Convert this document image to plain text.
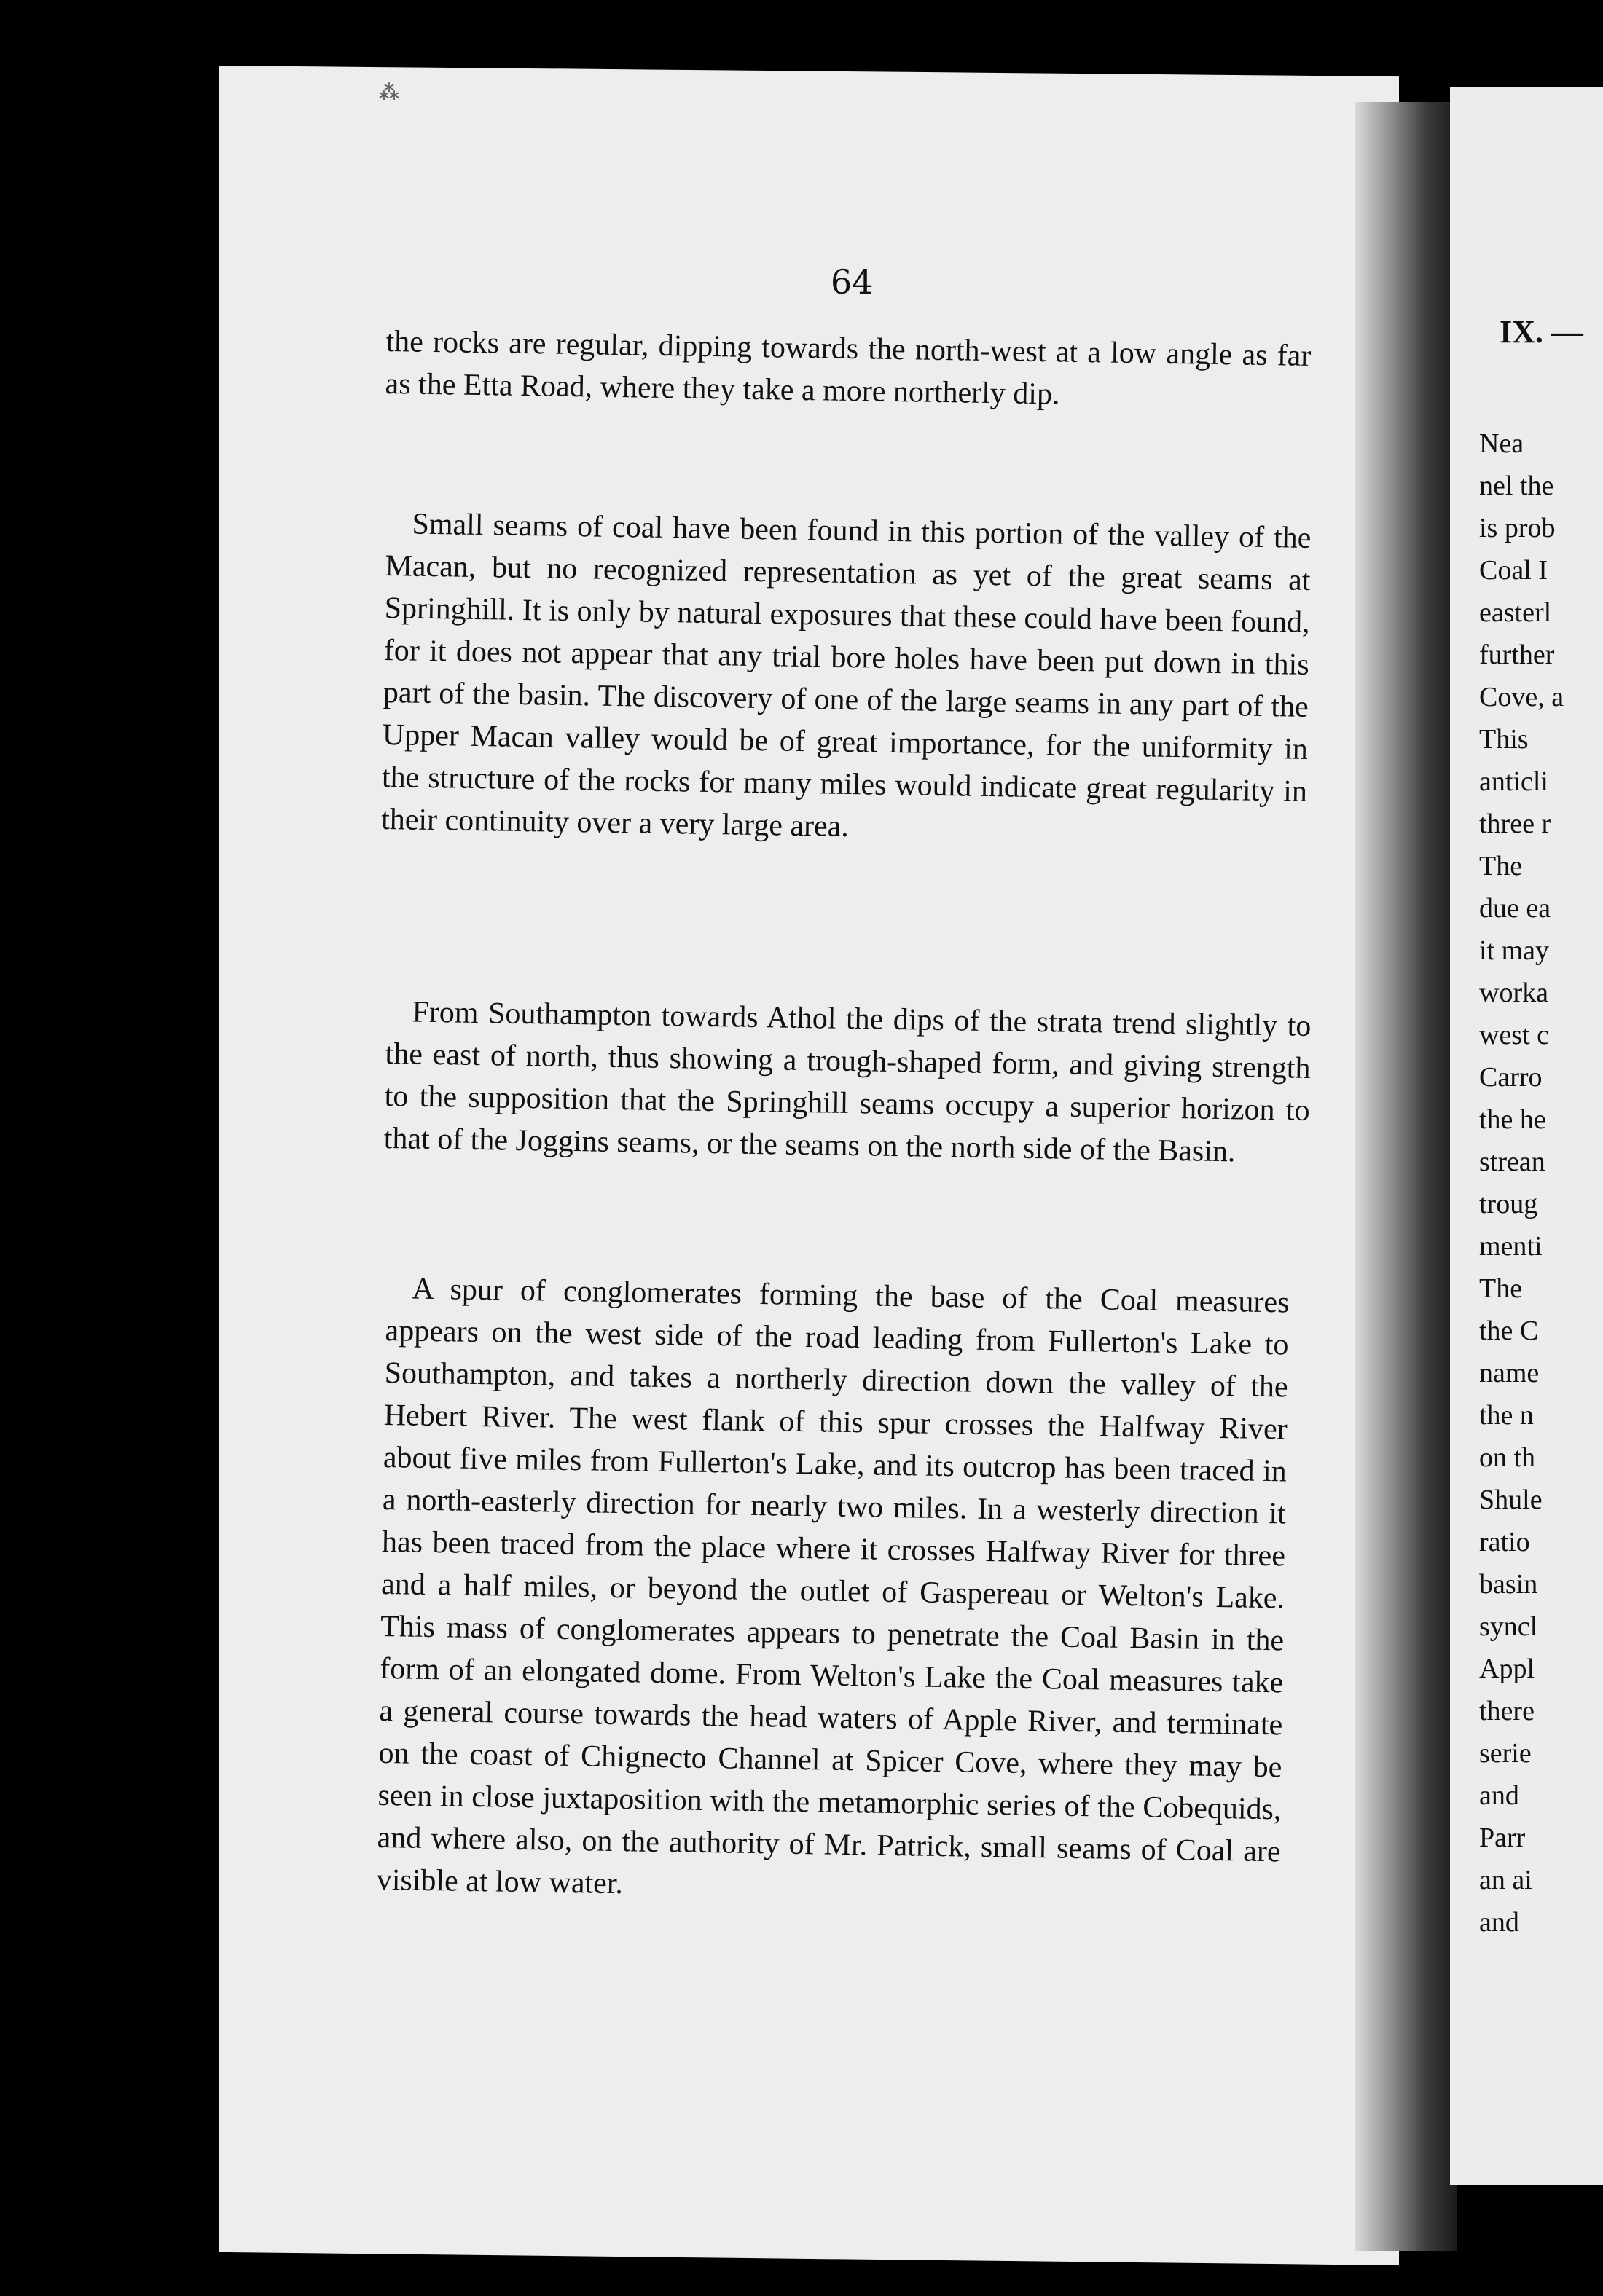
⁂
64

the rocks are regular, dipping towards the north-west at a low angle as far as the Etta Road, where they take a more northerly dip.

Small seams of coal have been found in this portion of the valley of the Macan, but no recognized representation as yet of the great seams at Springhill. It is only by natural exposures that these could have been found, for it does not appear that any trial bore holes have been put down in this part of the basin. The discovery of one of the large seams in any part of the Upper Macan valley would be of great importance, for the uniformity in the structure of the rocks for many miles would indicate great regularity in their continuity over a very large area.

From Southampton towards Athol the dips of the strata trend slightly to the east of north, thus showing a trough-shaped form, and giving strength to the supposition that the Springhill seams occupy a superior horizon to that of the Joggins seams, or the seams on the north side of the Basin.

A spur of conglomerates forming the base of the Coal measures appears on the west side of the road leading from Fullerton's Lake to Southampton, and takes a northerly direction down the valley of the Hebert River. The west flank of this spur crosses the Halfway River about five miles from Fullerton's Lake, and its outcrop has been traced in a north-easterly direction for nearly two miles. In a westerly direction it has been traced from the place where it crosses Halfway River for three and a half miles, or beyond the outlet of Gaspereau or Welton's Lake. This mass of conglomerates appears to penetrate the Coal Basin in the form of an elongated dome. From Welton's Lake the Coal measures take a general course towards the head waters of Apple River, and terminate on the coast of Chignecto Channel at Spicer Cove, where they may be seen in close juxtaposition with the metamorphic series of the Cobequids, and where also, on the authority of Mr. Patrick, small seams of Coal are visible at low water.

IX. —
Nea
nel the
is prob
Coal I
easterl
further
Cove, a
This
anticli
three r
The
due ea
it may
worka
west c
Carro
the he
strean
troug
menti
The
the C
name
the n
on th
Shule
ratio
basin
syncl
Appl
there
serie
and
Parr
an ai
and
